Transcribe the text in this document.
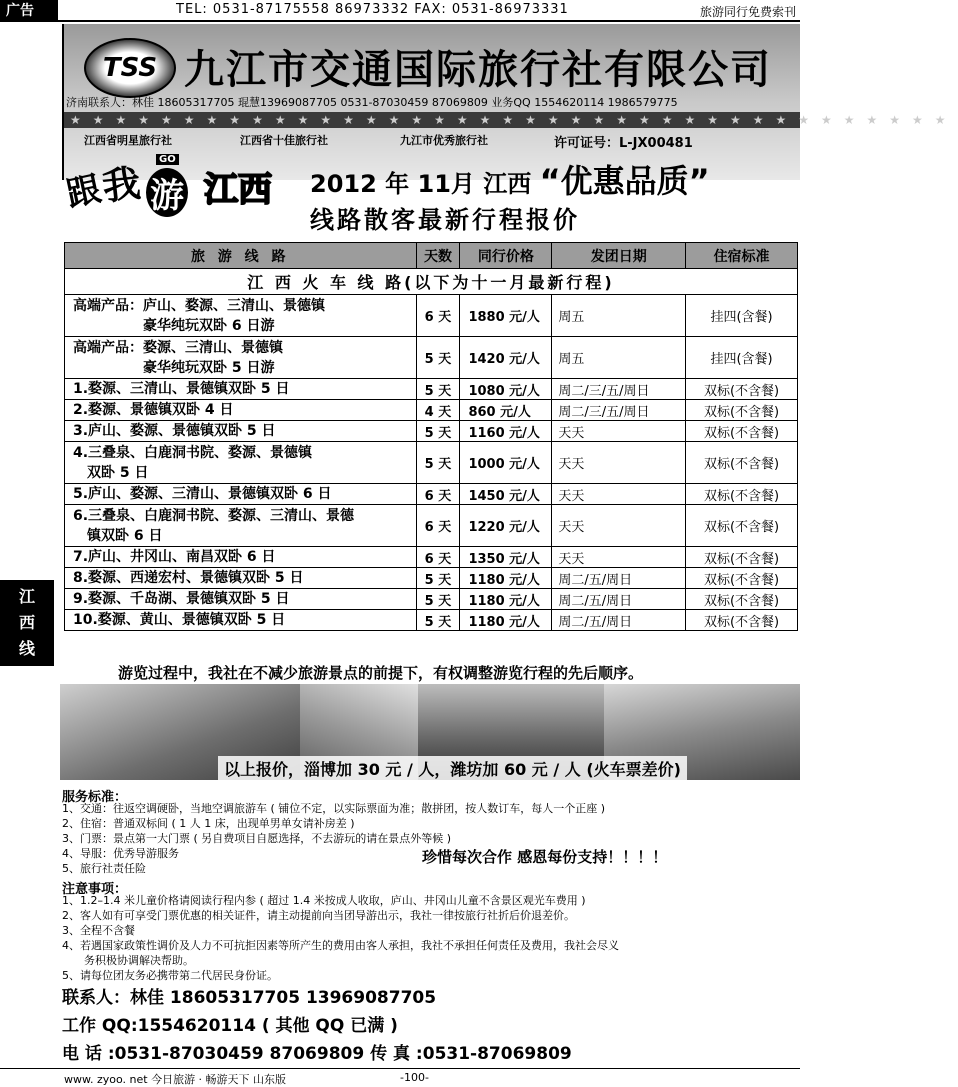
广告	TEL: 0531-87175558 86973332 FAX: 0531-86973331	旅游同行免费索刊
TSS 九江市交通国际旅行社有限公司
济南联系人：林佳 18605317705 琨慧13969087705 0531-87030459 87069809 业务QQ 1554620114 1986579775
★★★★★★★★★★★★★★★★★★★★★★★★★★★★★★★★★★★★★★★
江西省明星旅行社	江西省十佳旅行社	九江市优秀旅行社	许可证号：L-JX00481
跟
我 游
GO
江西 2012 年 11月 江西 “优惠品质”
线路散客最新行程报价
旅 游 线 路	天数	同行价格	发团日期	住宿标准
江 西 火 车 线 路(以下为十一月最新行程)				

高端产品：庐山、婺源、三清山、景德镇
　　　　　豪华纯玩双卧 6 日游	6 天	1880 元/人	周五	挂四(含餐)

高端产品：婺源、三清山、景德镇
　　　　　豪华纯玩双卧 5 日游	5 天	1420 元/人	周五	挂四(含餐)

1.婺源、三清山、景德镇双卧 5 日	5 天	1080 元/人	周二/三/五/周日	双标(不含餐)

2.婺源、景德镇双卧 4 日	4 天	860 元/人	周二/三/五/周日	双标(不含餐)

3.庐山、婺源、景德镇双卧 5 日	5 天	1160 元/人	天天	双标(不含餐)

4.三叠泉、白鹿洞书院、婺源、景德镇
　双卧 5 日	5 天	1000 元/人	天天	双标(不含餐)

5.庐山、婺源、三清山、景德镇双卧 6 日	6 天	1450 元/人	天天	双标(不含餐)

6.三叠泉、白鹿洞书院、婺源、三清山、景德
　镇双卧 6 日	6 天	1220 元/人	天天	双标(不含餐)

7.庐山、井冈山、南昌双卧 6 日	6 天	1350 元/人	天天	双标(不含餐)

8.婺源、西递宏村、景德镇双卧 5 日	5 天	1180 元/人	周二/五/周日	双标(不含餐)

9.婺源、千岛湖、景德镇双卧 5 日	5 天	1180 元/人	周二/五/周日	双标(不含餐)

10.婺源、黄山、景德镇双卧 5 日	5 天	1180 元/人	周二/五/周日	双标(不含餐)
江
西
线
游览过程中，我社在不减少旅游景点的前提下，有权调整游览行程的先后顺序。
以上报价，淄博加 30 元 / 人，潍坊加 60 元 / 人 (火车票差价)
服务标准：
1、交通：往返空调硬卧，当地空调旅游车 ( 铺位不定，以实际票面为准；散拼团，按人数订车，每人一个正座 )
2、住宿：普通双标间 ( 1 人 1 床，出现单男单女请补房差 )
3、门票：景点第一大门票 ( 另自费项目自愿选择，不去游玩的请在景点外等候 )
4、导服：优秀导游服务
5、旅行社责任险
珍惜每次合作 感恩每份支持！！！！
注意事项：
1、1.2–1.4 米儿童价格请阅读行程内参 ( 超过 1.4 米按成人收取，庐山、井冈山儿童不含景区观光车费用 )
2、客人如有可享受门票优惠的相关证件，请主动提前向当团导游出示，我社一律按旅行社折后价退差价。
3、全程不含餐
4、若遇国家政策性调价及人力不可抗拒因素等所产生的费用由客人承担，我社不承担任何责任及费用，我社会尽义
　　务积极协调解决帮助。
5、请每位团友务必携带第二代居民身份证。
联系人：林佳 18605317705 13969087705
工作 QQ:1554620114 ( 其他 QQ 已满 )
电 话 :0531-87030459 87069809 传 真 :0531-87069809
www. zyoo. net 今日旅游 · 畅游天下 山东版	-100-
